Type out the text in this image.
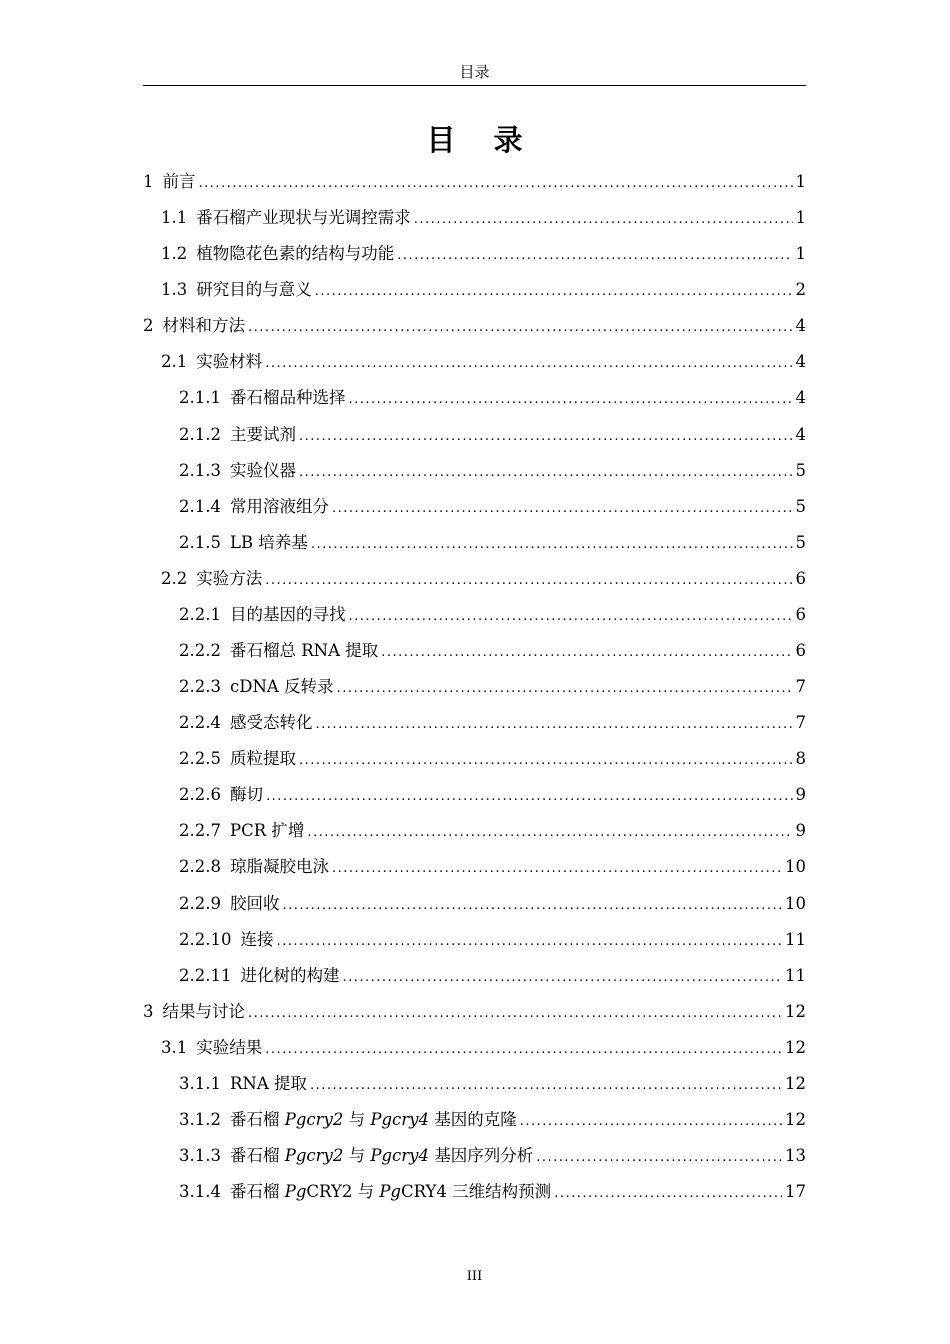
目录
目 录
1 前言 .....	1
1.1 番石榴产业现状与光调控需求 .....	1
1.2 植物隐花色素的结构与功能 .....	1
1.3 研究目的与意义 .....	2
2 材料和方法 .....	4
2.1 实验材料 .....	4
2.1.1 番石榴品种选择 .....	4
2.1.2 主要试剂 .....	4
2.1.3 实验仪器 .....	5
2.1.4 常用溶液组分 .....	5
2.1.5 LB 培养基 .....	5
2.2 实验方法 .....	6
2.2.1 目的基因的寻找 .....	6
2.2.2 番石榴总 RNA 提取 .....	6
2.2.3 cDNA 反转录 .....	7
2.2.4 感受态转化 .....	7
2.2.5 质粒提取 .....	8
2.2.6 酶切 .....	9
2.2.7 PCR 扩增 .....	9
2.2.8 琼脂凝胶电泳 .....	10
2.2.9 胶回收 .....	10
2.2.10 连接 .....	11
2.2.11 进化树的构建 .....	11
3 结果与讨论 .....	12
3.1 实验结果 .....	12
3.1.1 RNA 提取 .....	12
3.1.2 番石榴 Pgcry2 与 Pgcry4 基因的克隆 .....	12
3.1.3 番石榴 Pgcry2 与 Pgcry4 基因序列分析 .....	13
3.1.4 番石榴 PgCRY2 与 PgCRY4 三维结构预测 .....	17
III
